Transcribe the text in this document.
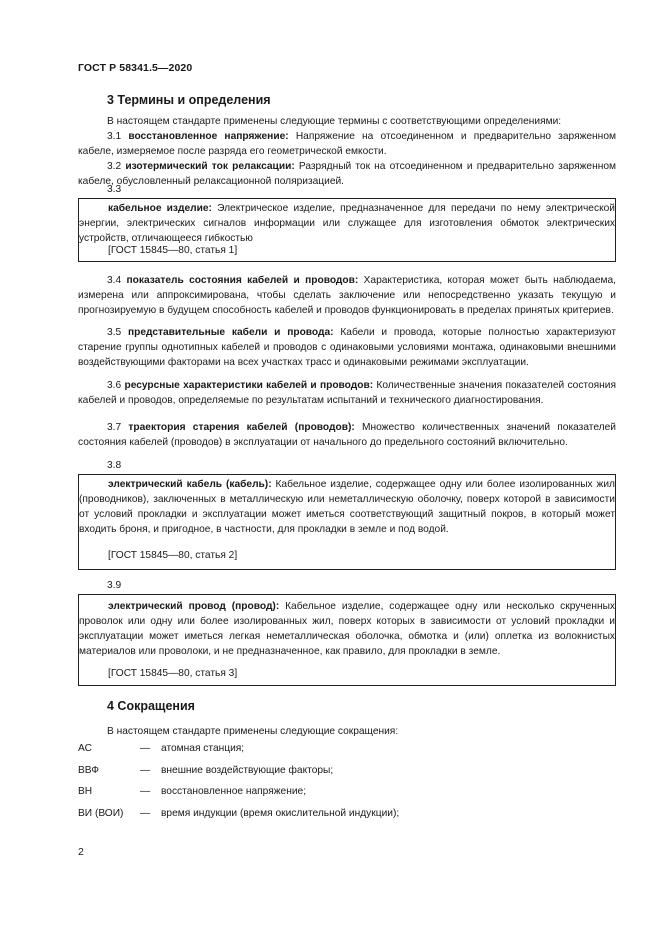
ГОСТ Р 58341.5—2020
3 Термины и определения
В настоящем стандарте применены следующие термины с соответствующими определениями:
3.1 восстановленное напряжение: Напряжение на отсоединенном и предварительно заряженном кабеле, измеряемое после разряда его геометрической емкости.
3.2 изотермический ток релаксации: Разрядный ток на отсоединенном и предварительно заряженном кабеле, обусловленный релаксационной поляризацией.
3.3
кабельное изделие: Электрическое изделие, предназначенное для передачи по нему электрической энергии, электрических сигналов информации или служащее для изготовления обмоток электрических устройств, отличающееся гибкостью
[ГОСТ 15845—80, статья 1]
3.4 показатель состояния кабелей и проводов: Характеристика, которая может быть наблюдаема, измерена или аппроксимирована, чтобы сделать заключение или непосредственно указать текущую и прогнозируемую в будущем способность кабелей и проводов функционировать в пределах принятых критериев.
3.5 представительные кабели и провода: Кабели и провода, которые полностью характеризуют старение группы однотипных кабелей и проводов с одинаковыми условиями монтажа, одинаковыми внешними воздействующими факторами на всех участках трасс и одинаковыми режимами эксплуатации.
3.6 ресурсные характеристики кабелей и проводов: Количественные значения показателей состояния кабелей и проводов, определяемые по результатам испытаний и технического диагностирования.
3.7 траектория старения кабелей (проводов): Множество количественных значений показателей состояния кабелей (проводов) в эксплуатации от начального до предельного состояний включительно.
3.8
электрический кабель (кабель): Кабельное изделие, содержащее одну или более изолированных жил (проводников), заключенных в металлическую или неметаллическую оболочку, поверх которой в зависимости от условий прокладки и эксплуатации может иметься соответствующий защитный покров, в который может входить броня, и пригодное, в частности, для прокладки в земле и под водой.
[ГОСТ 15845—80, статья 2]
3.9
электрический провод (провод): Кабельное изделие, содержащее одну или несколько скрученных проволок или одну или более изолированных жил, поверх которых в зависимости от условий прокладки и эксплуатации может иметься легкая неметаллическая оболочка, обмотка и (или) оплетка из волокнистых материалов или проволоки, и не предназначенное, как правило, для прокладки в земле.
[ГОСТ 15845—80, статья 3]
4 Сокращения
В настоящем стандарте применены следующие сокращения:
АС	— атомная станция;
ВВФ	— внешние воздействующие факторы;
ВН	— восстановленное напряжение;
ВИ (ВОИ) — время индукции (время окислительной индукции);
2
